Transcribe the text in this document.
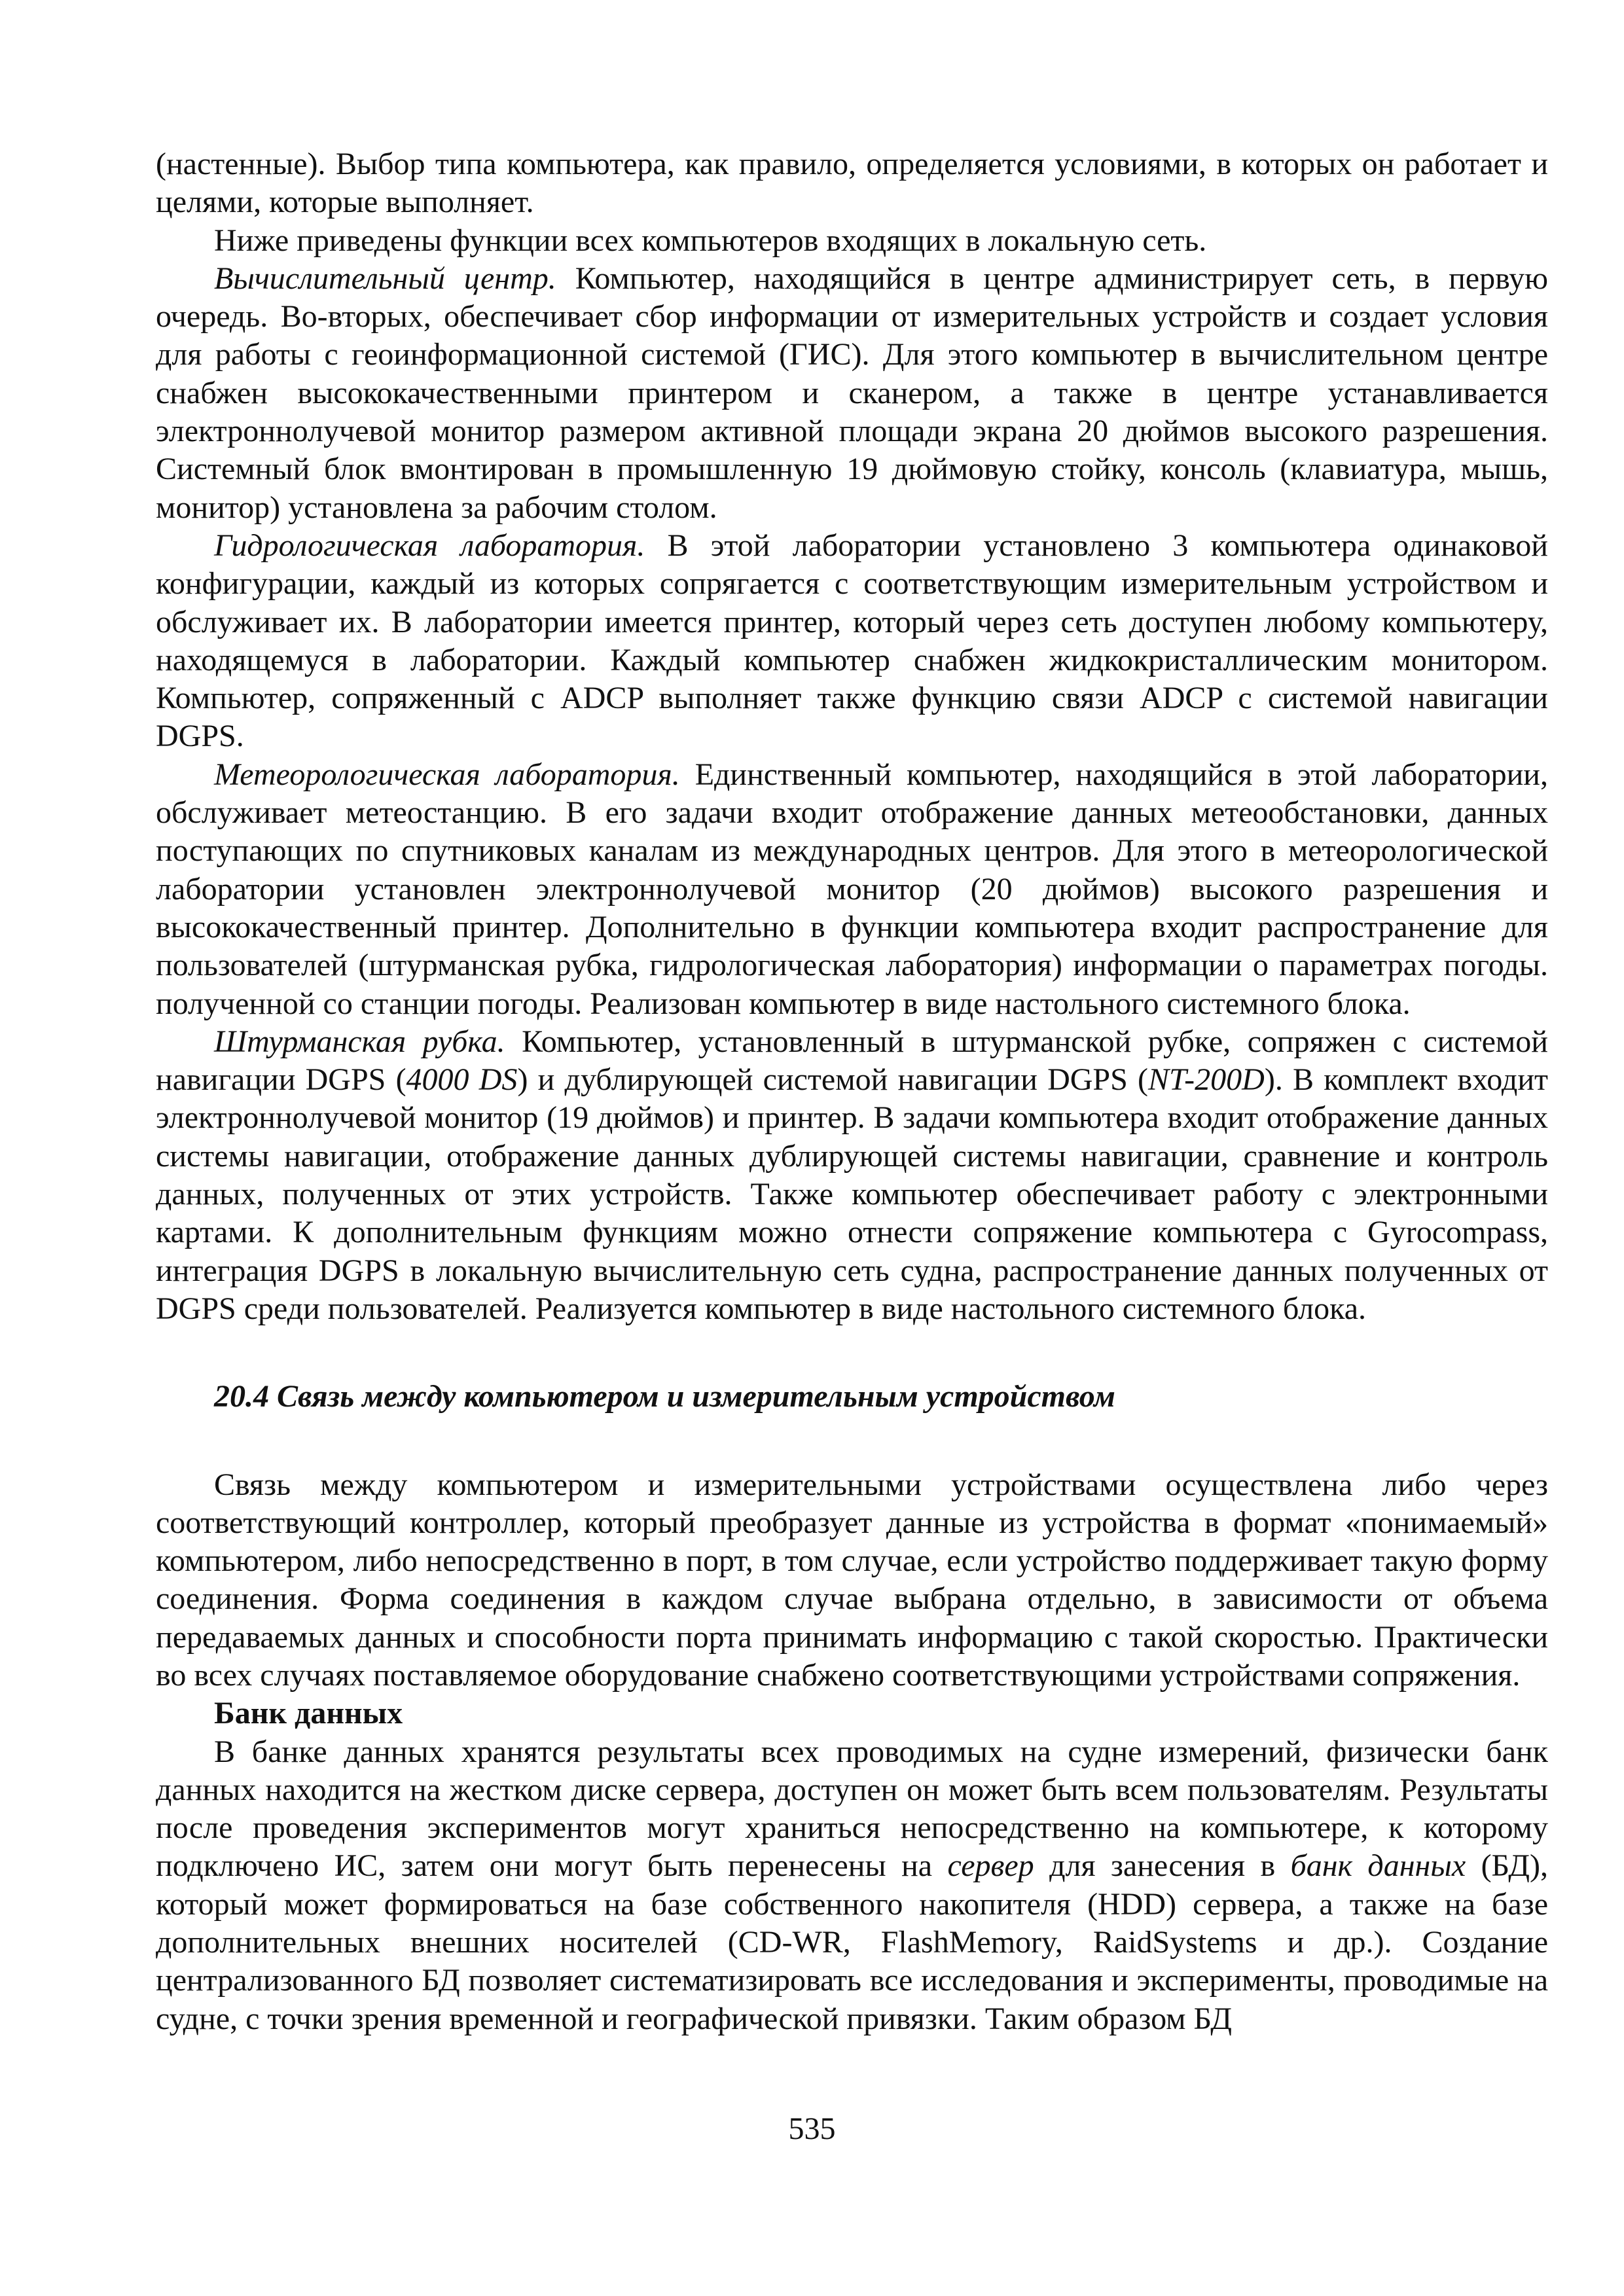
(настенные). Выбор типа компьютера, как правило, определяется условиями, в которых он работает и целями, которые выполняет.

Ниже приведены функции всех компьютеров входящих в локальную сеть.

Вычислительный центр. Компьютер, находящийся в центре администрирует сеть, в первую очередь. Во-вторых, обеспечивает сбор информации от измерительных устройств и создает условия для работы с геоинформационной системой (ГИС). Для этого компьютер в вычислительном центре снабжен высококачественными принтером и сканером, а также в центре устанавливается электроннолучевой монитор размером активной площади экрана 20 дюймов высокого разрешения. Системный блок вмонтирован в промышленную 19 дюймовую стойку, консоль (клавиатура, мышь, монитор) установлена за рабочим столом.

Гидрологическая лаборатория. В этой лаборатории установлено 3 компьютера одинаковой конфигурации, каждый из которых сопрягается с соответствующим измерительным устройством и обслуживает их. В лаборатории имеется принтер, который через сеть доступен любому компьютеру, находящемуся в лаборатории. Каждый компьютер снабжен жидкокристаллическим монитором. Компьютер, сопряженный с ADCP выполняет также функцию связи ADCP с системой навигации DGPS.

Метеорологическая лаборатория. Единственный компьютер, находящийся в этой лаборатории, обслуживает метеостанцию. В его задачи входит отображение данных метеообстановки, данных поступающих по спутниковых каналам из международных центров. Для этого в метеорологической лаборатории установлен электроннолучевой монитор (20 дюймов) высокого разрешения и высококачественный принтер. Дополнительно в функции компьютера входит распространение для пользователей (штурманская рубка, гидрологическая лаборатория) информации о параметрах погоды. полученной со станции погоды. Реализован компьютер в виде настольного системного блока.

Штурманская рубка. Компьютер, установленный в штурманской рубке, сопряжен с системой навигации DGPS (4000 DS) и дублирующей системой навигации DGPS (NT-200D). В комплект входит электроннолучевой монитор (19 дюймов) и принтер. В задачи компьютера входит отображение данных системы навигации, отображение данных дублирующей системы навигации, сравнение и контроль данных, полученных от этих устройств. Также компьютер обеспечивает работу с электронными картами. К дополнительным функциям можно отнести сопряжение компьютера с Gyrocompass, интеграция DGPS в локальную вычислительную сеть судна, распространение данных полученных от DGPS среди пользователей. Реализуется компьютер в виде настольного системного блока.

20.4 Связь между компьютером и измерительным устройством

Связь между компьютером и измерительными устройствами осуществлена либо через соответствующий контроллер, который преобразует данные из устройства в формат «понимаемый» компьютером, либо непосредственно в порт, в том случае, если устройство поддерживает такую форму соединения. Форма соединения в каждом случае выбрана отдельно, в зависимости от объема передаваемых данных и способности порта принимать информацию с такой скоростью. Практически во всех случаях поставляемое оборудование снабжено соответствующими устройствами сопряжения.

Банк данных

В банке данных хранятся результаты всех проводимых на судне измерений, физически банк данных находится на жестком диске сервера, доступен он может быть всем пользователям. Результаты после проведения экспериментов могут храниться непосредственно на компьютере, к которому подключено ИС, затем они могут быть перенесены на сервер для занесения в банк данных (БД), который может формироваться на базе собственного накопителя (HDD) сервера, а также на базе дополнительных внешних носителей (CD-WR, FlashMemory, RaidSystems и др.). Создание централизованного БД позволяет систематизировать все исследования и эксперименты, проводимые на судне, с точки зрения временной и географической привязки. Таким образом БД

535
